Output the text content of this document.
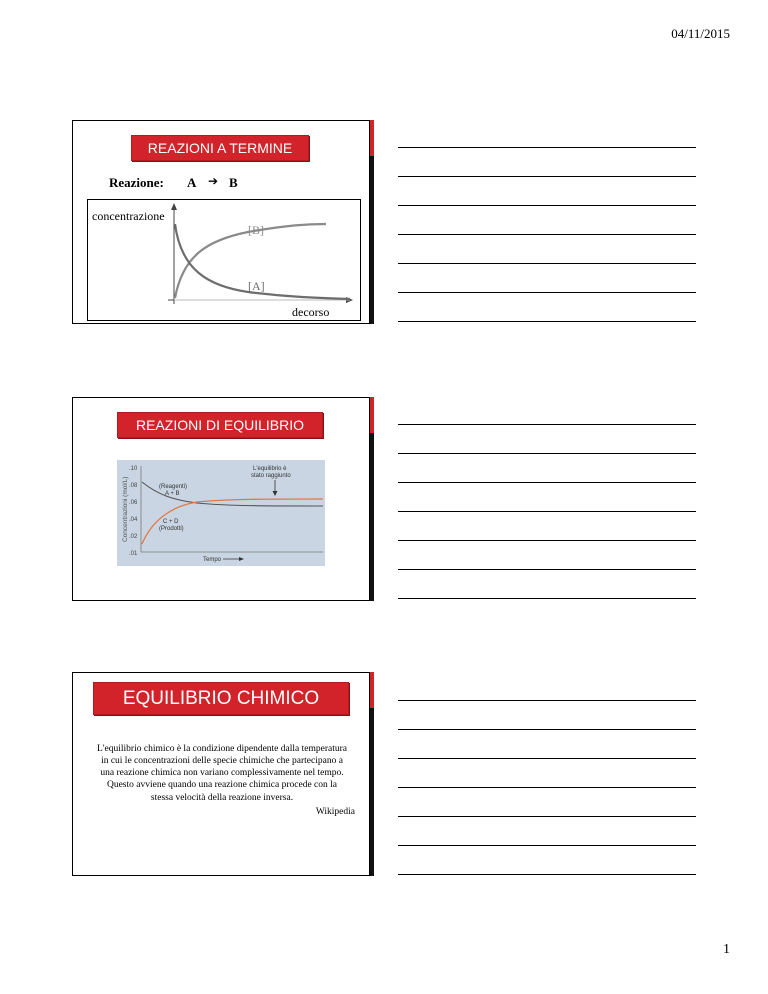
04/11/2015
REAZIONI A TERMINE
Reazione: A ➔ B
concentrazione
[B]
[A]
decorso
REAZIONI DI EQUILIBRIO
Concentrazioni (mol/L)
.10
.08
.06
.04
.02
.01
(Reagenti)
A + B
C + D
(Prodotti)
L'equilibrio è
stato raggiunto
Tempo
EQUILIBRIO CHIMICO
L'equilibrio chimico è la condizione dipendente dalla temperatura
in cui le concentrazioni delle specie chimiche che partecipano a
una reazione chimica non variano complessivamente nel tempo.
Questo avviene quando una reazione chimica procede con la
stessa velocità della reazione inversa.
Wikipedia
1
